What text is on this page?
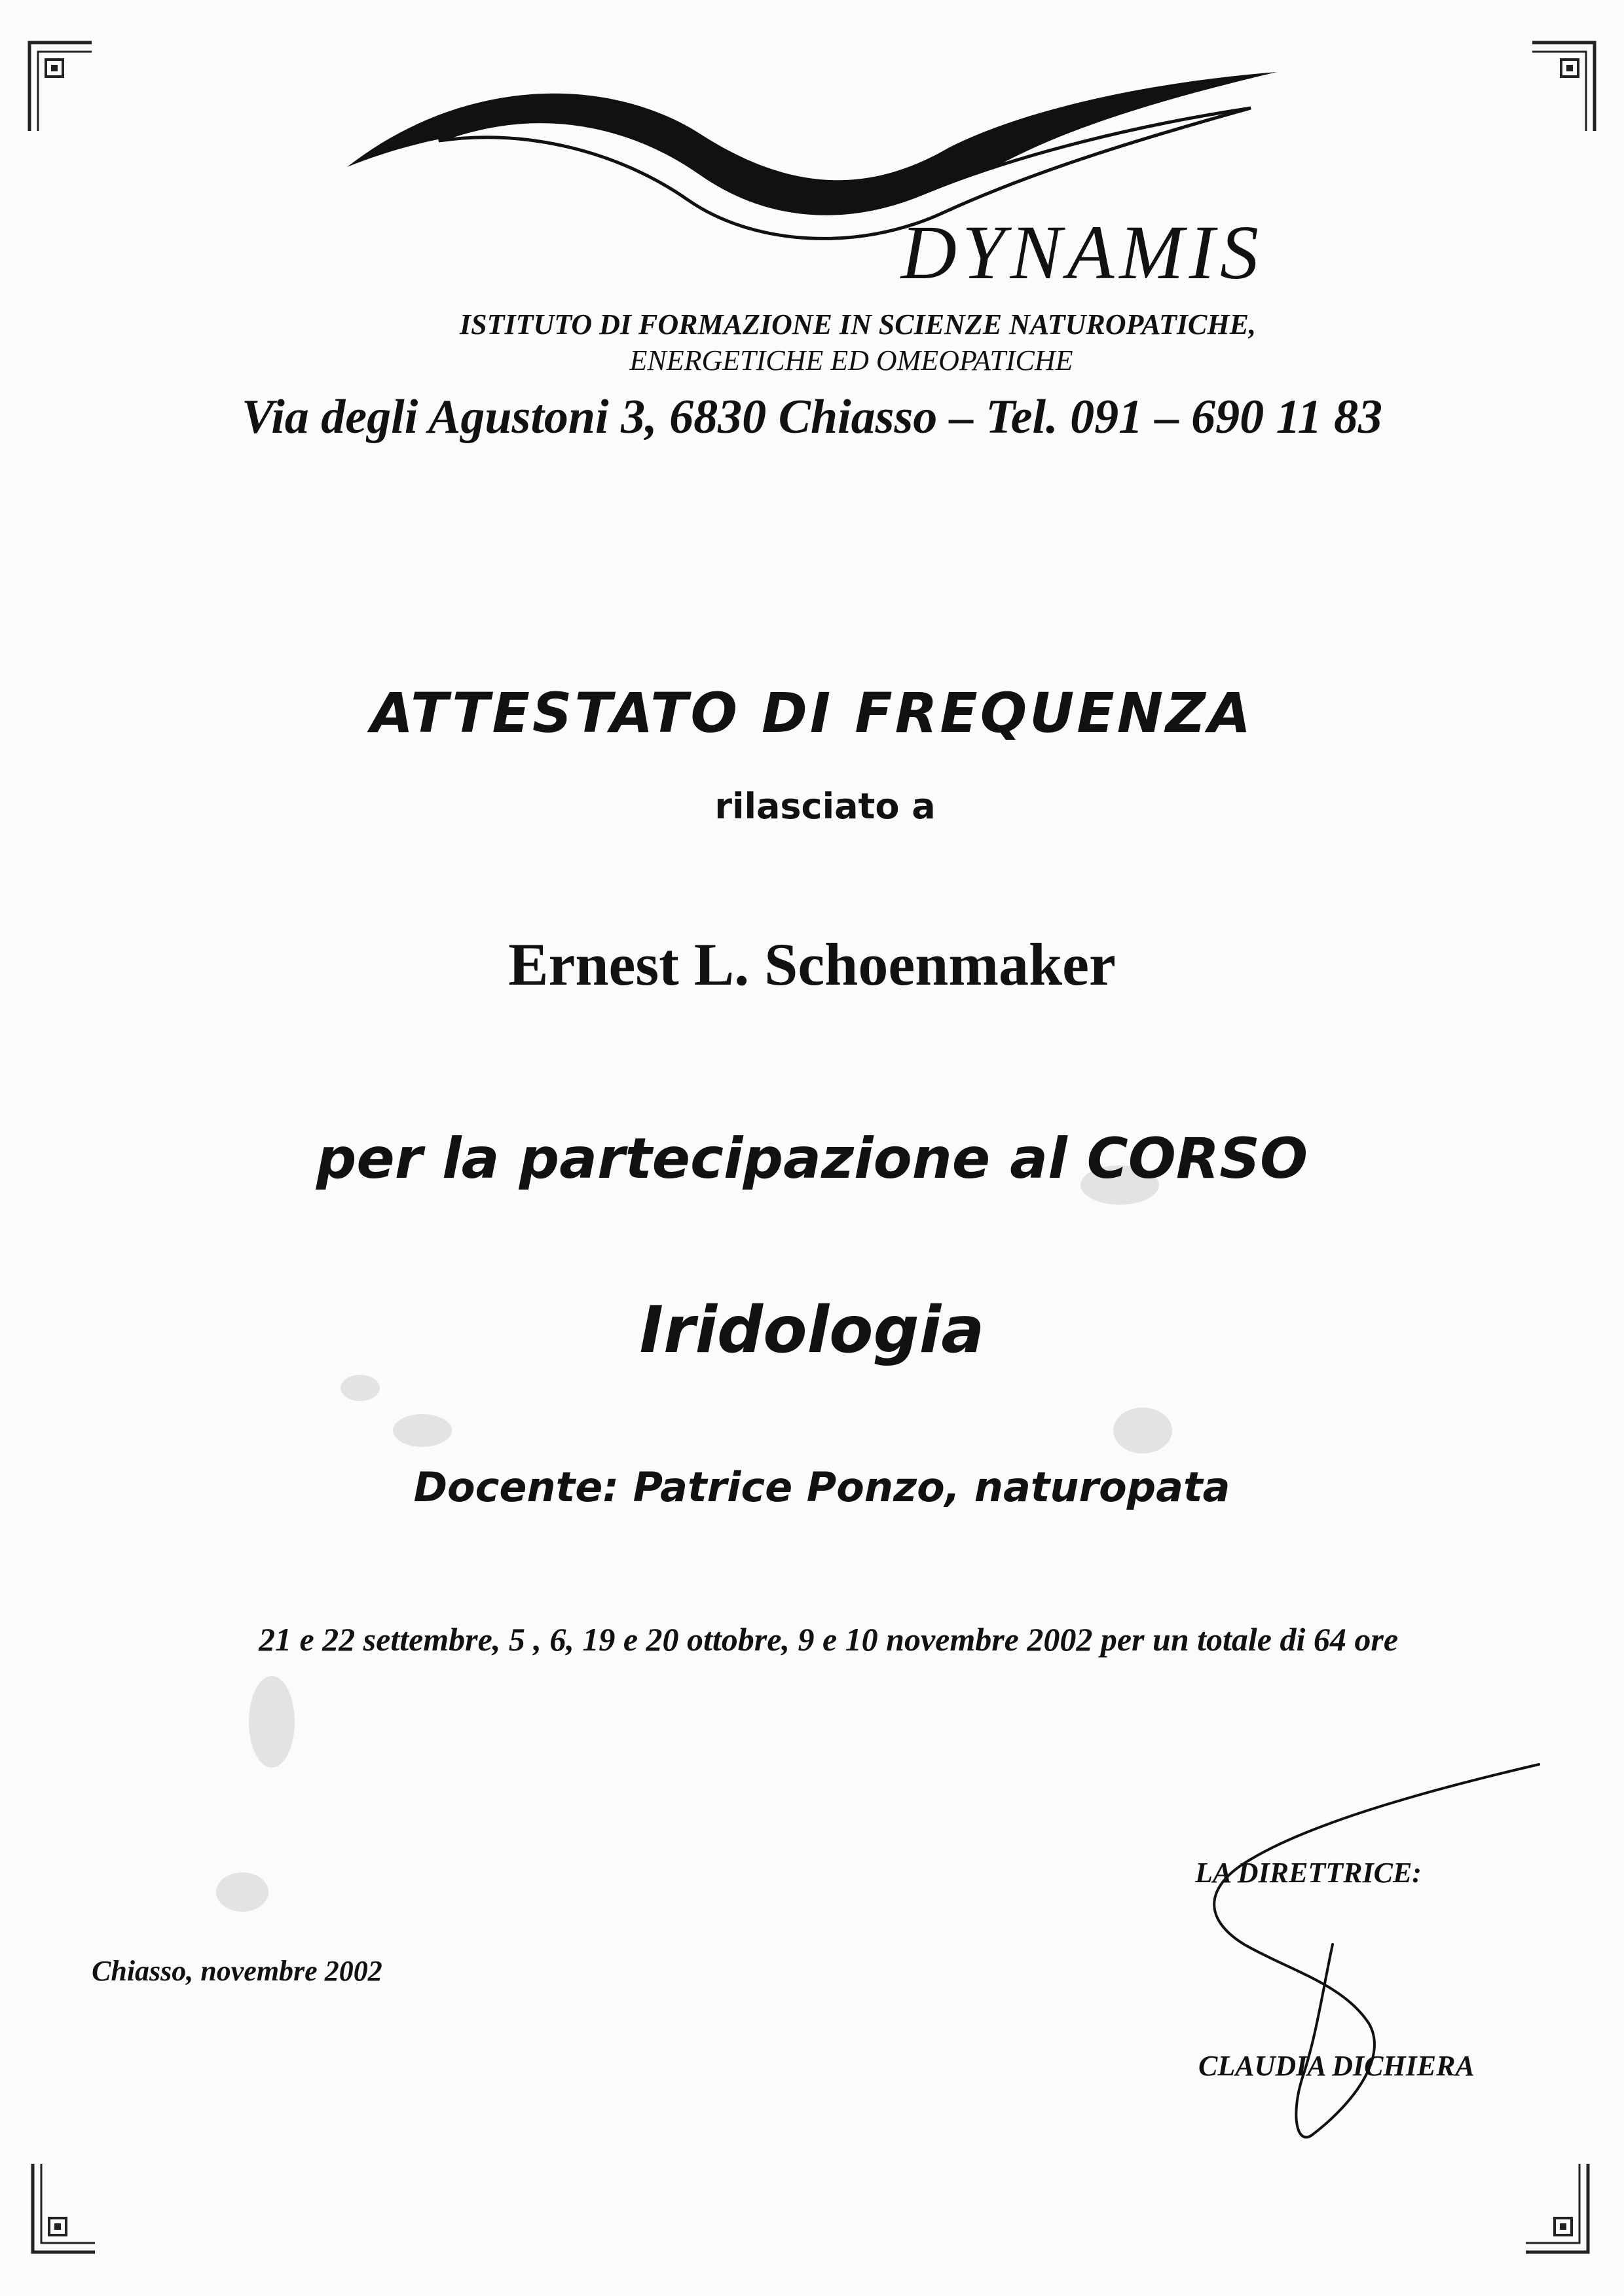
DYNAMIS
ISTITUTO DI FORMAZIONE IN SCIENZE NATUROPATICHE,
ENERGETICHE ED OMEOPATICHE
Via degli Agustoni 3, 6830 Chiasso – Tel. 091 – 690 11 83
ATTESTATO DI FREQUENZA
rilasciato a
Ernest L. Schoenmaker
per la partecipazione al CORSO
Iridologia
Docente: Patrice Ponzo, naturopata
21 e 22 settembre, 5 , 6, 19 e 20 ottobre, 9 e 10 novembre 2002 per un totale di 64 ore
Chiasso, novembre 2002
LA DIRETTRICE:
CLAUDIA DICHIERA
